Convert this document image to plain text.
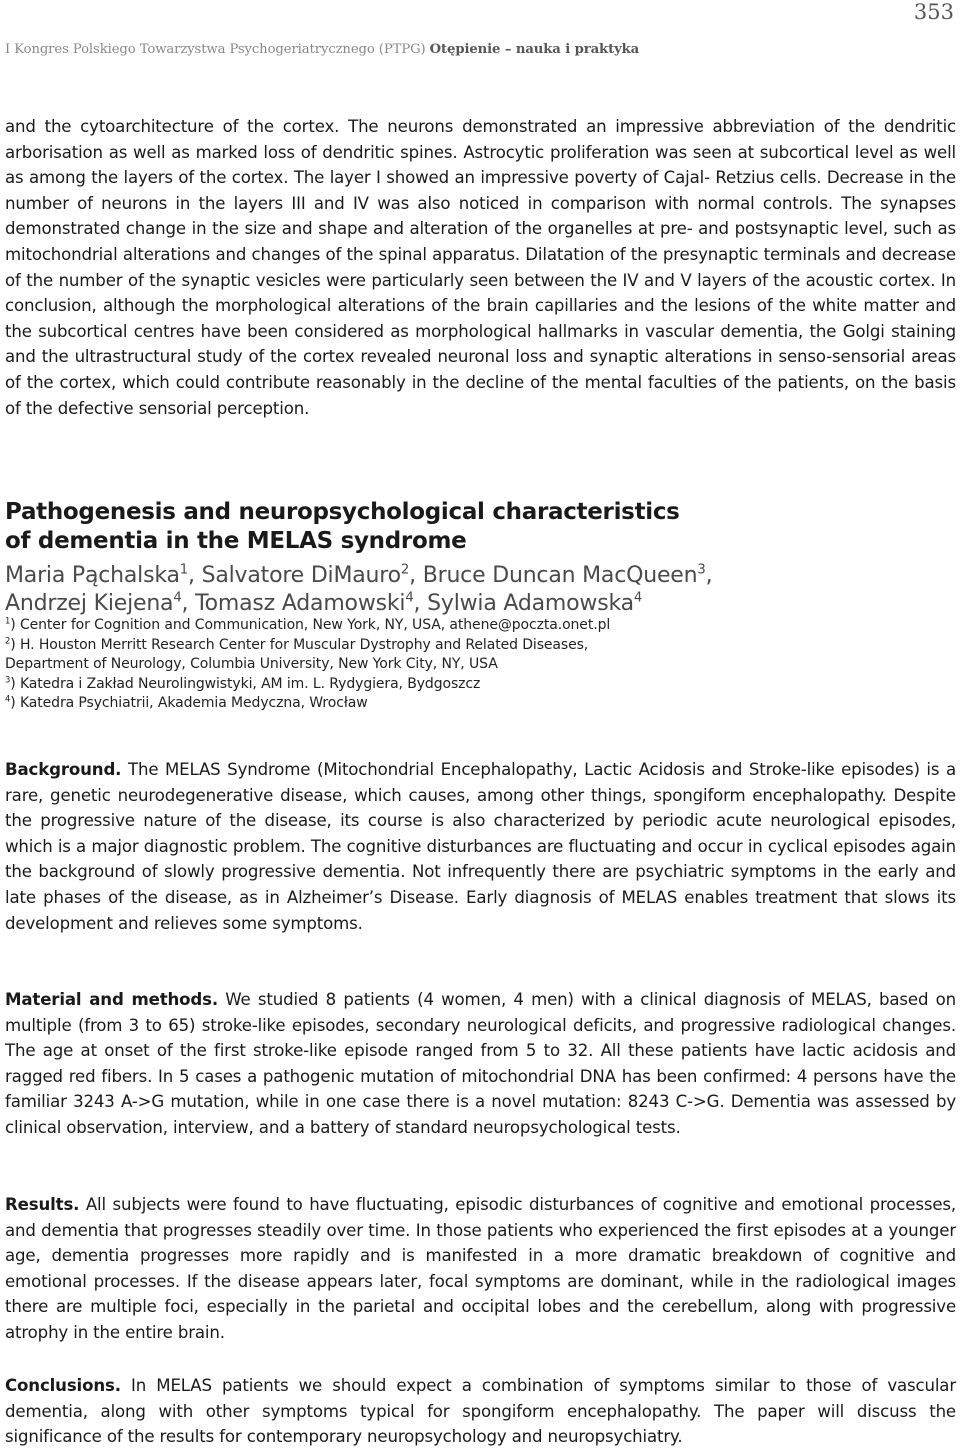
353
I Kongres Polskiego Towarzystwa Psychogeriatrycznego (PTPG) Otępienie – nauka i praktyka

and the cytoarchitecture of the cortex. The neurons demonstrated an impressive abbreviation of the dendritic arborisation as well as marked loss of dendritic spines. Astrocytic proliferation was seen at subcortical level as well as among the layers of the cortex. The layer I showed an impressive poverty of Cajal- Retzius cells. Decrease in the number of neurons in the layers III and IV was also noticed in comparison with normal controls. The synapses demonstrated change in the size and shape and alteration of the organelles at pre- and postsynaptic level, such as mitochondrial alterations and changes of the spinal apparatus. Dilatation of the presynaptic terminals and decrease of the number of the synaptic vesicles were particularly seen between the IV and V layers of the acoustic cortex. In conclusion, although the morphological alterations of the brain capillaries and the lesions of the white matter and the subcortical centres have been considered as morphological hallmarks in vascular dementia, the Golgi staining and the ultrastructural study of the cortex revealed neuronal loss and synaptic alterations in senso-sensorial areas of the cortex, which could contribute reasonably in the decline of the mental faculties of the patients, on the basis of the defective sensorial perception.

Pathogenesis and neuropsychological characteristics
of dementia in the MELAS syndrome
Maria Pąchalska$^1$, Salvatore DiMauro$^2$, Bruce Duncan MacQueen$^3$,
Andrzej Kiejena$^4$, Tomasz Adamowski$^4$, Sylwia Adamowska$^4$
$^1$) Center for Cognition and Communication, New York, NY, USA, athene@poczta.onet.pl
$^2$) H. Houston Merritt Research Center for Muscular Dystrophy and Related Diseases,
Department of Neurology, Columbia University, New York City, NY, USA
$^3$) Katedra i Zakład Neurolingwistyki, AM im. L. Rydygiera, Bydgoszcz
$^4$) Katedra Psychiatrii, Akademia Medyczna, Wrocław

Background. The MELAS Syndrome (Mitochondrial Encephalopathy, Lactic Acidosis and Stroke-like episodes) is a rare, genetic neurodegenerative disease, which causes, among other things, spongiform encephalopathy. Despite the progressive nature of the disease, its course is also characterized by periodic acute neurological episodes, which is a major diagnostic problem. The cognitive disturbances are fluctuating and occur in cyclical episodes again the background of slowly progressive dementia. Not infrequently there are psychiatric symptoms in the early and late phases of the disease, as in Alzheimer’s Disease. Early diagnosis of MELAS enables treatment that slows its development and relieves some symptoms.

Material and methods. We studied 8 patients (4 women, 4 men) with a clinical diagnosis of MELAS, based on multiple (from 3 to 65) stroke-like episodes, secondary neurological deficits, and progressive radiological changes. The age at onset of the first stroke-like episode ranged from 5 to 32. All these patients have lactic acidosis and ragged red fibers. In 5 cases a pathogenic mutation of mitochondrial DNA has been confirmed: 4 persons have the familiar 3243 A->G mutation, while in one case there is a novel mutation: 8243 C->G. Dementia was assessed by clinical observation, interview, and a battery of standard neuropsychological tests.

Results. All subjects were found to have fluctuating, episodic disturbances of cognitive and emotional processes, and dementia that progresses steadily over time. In those patients who experienced the first episodes at a younger age, dementia progresses more rapidly and is manifested in a more dramatic breakdown of cognitive and emotional processes. If the disease appears later, focal symptoms are dominant, while in the radiological images there are multiple foci, especially in the parietal and occipital lobes and the cerebellum, along with progressive atrophy in the entire brain.

Conclusions. In MELAS patients we should expect a combination of symptoms similar to those of vascular dementia, along with other symptoms typical for spongiform encephalopathy. The paper will discuss the significance of the results for contemporary neuropsychology and neuropsychiatry.
